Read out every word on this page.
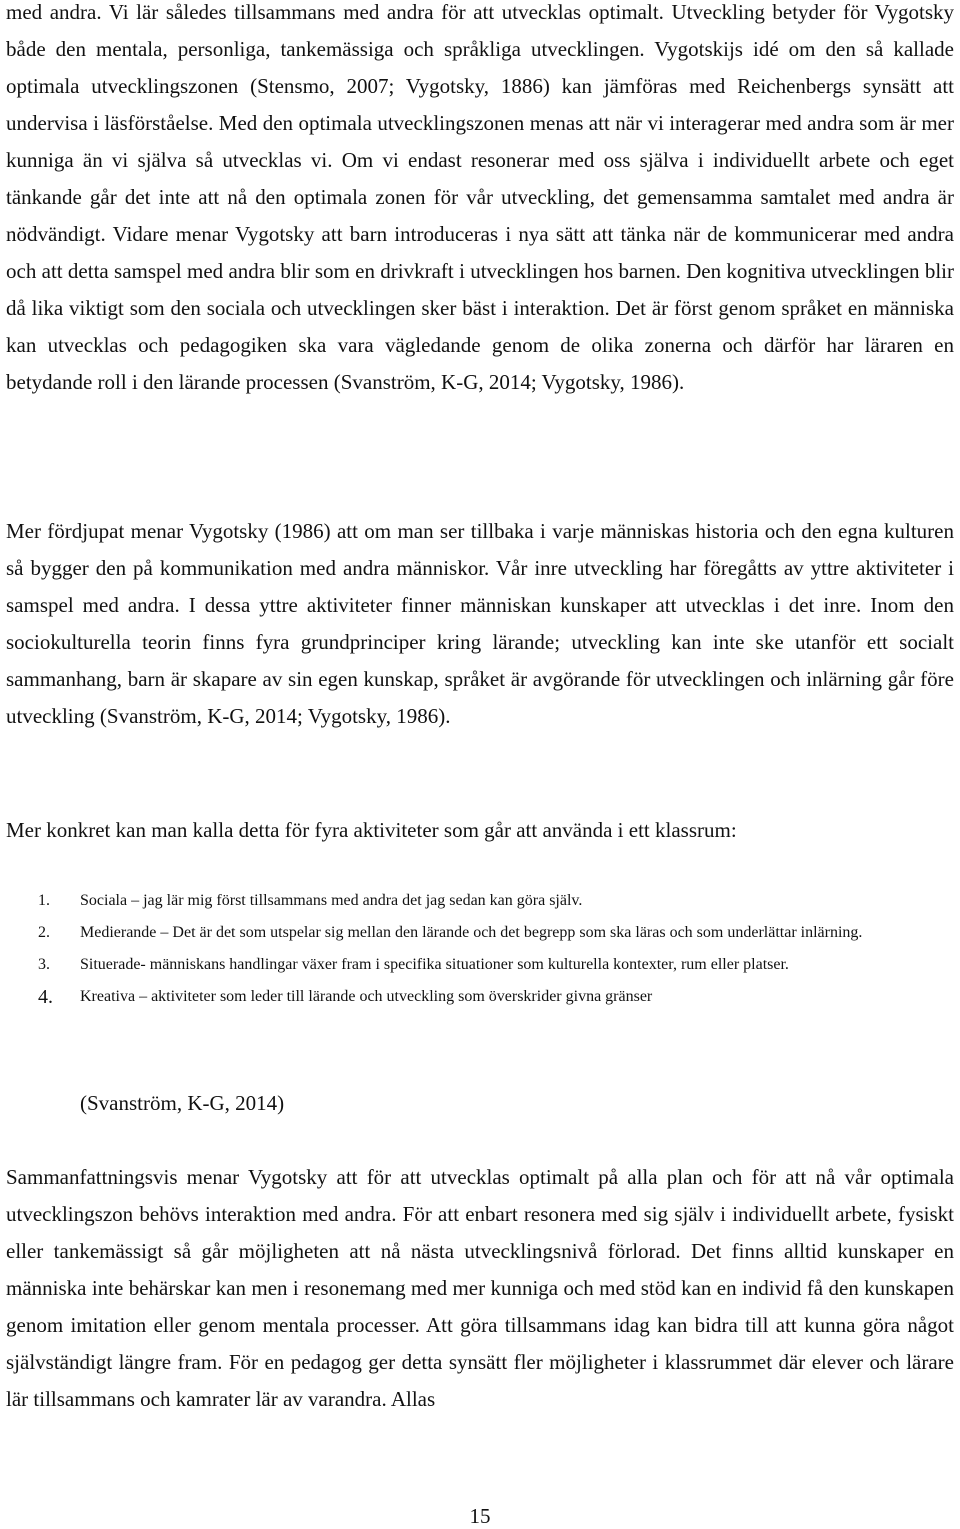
med andra. Vi lär således tillsammans med andra för att utvecklas optimalt. Utveckling betyder för Vygotsky både den mentala, personliga, tankemässiga och språkliga utvecklingen. Vygotskijs idé om den så kallade optimala utvecklingszonen (Stensmo, 2007; Vygotsky, 1886) kan jämföras med Reichenbergs synsätt att undervisa i läsförståelse. Med den optimala utvecklingszonen menas att när vi interagerar med andra som är mer kunniga än vi själva så utvecklas vi. Om vi endast resonerar med oss själva i individuellt arbete och eget tänkande går det inte att nå den optimala zonen för vår utveckling, det gemensamma samtalet med andra är nödvändigt. Vidare menar Vygotsky att barn introduceras i nya sätt att tänka när de kommunicerar med andra och att detta samspel med andra blir som en drivkraft i utvecklingen hos barnen. Den kognitiva utvecklingen blir då lika viktigt som den sociala och utvecklingen sker bäst i interaktion. Det är först genom språket en människa kan utvecklas och pedagogiken ska vara vägledande genom de olika zonerna och därför har läraren en betydande roll i den lärande processen (Svanström, K-G, 2014; Vygotsky, 1986).

Mer fördjupat menar Vygotsky (1986) att om man ser tillbaka i varje människas historia och den egna kulturen så bygger den på kommunikation med andra människor. Vår inre utveckling har föregåtts av yttre aktiviteter i samspel med andra. I dessa yttre aktiviteter finner människan kunskaper att utvecklas i det inre. Inom den sociokulturella teorin finns fyra grundprinciper kring lärande; utveckling kan inte ske utanför ett socialt sammanhang, barn är skapare av sin egen kunskap, språket är avgörande för utvecklingen och inlärning går före utveckling (Svanström, K-G, 2014; Vygotsky, 1986).

Mer konkret kan man kalla detta för fyra aktiviteter som går att använda i ett klassrum:

1. Sociala – jag lär mig först tillsammans med andra det jag sedan kan göra själv.
2. Medierande – Det är det som utspelar sig mellan den lärande och det begrepp som ska läras och som underlättar inlärning.
3. Situerade- människans handlingar växer fram i specifika situationer som kulturella kontexter, rum eller platser.
4. Kreativa – aktiviteter som leder till lärande och utveckling som överskrider givna gränser
(Svanström, K-G, 2014)

Sammanfattningsvis menar Vygotsky att för att utvecklas optimalt på alla plan och för att nå vår optimala utvecklingszon behövs interaktion med andra. För att enbart resonera med sig själv i individuellt arbete, fysiskt eller tankemässigt så går möjligheten att nå nästa utvecklingsnivå förlorad. Det finns alltid kunskaper en människa inte behärskar kan men i resonemang med mer kunniga och med stöd kan en individ få den kunskapen genom imitation eller genom mentala processer. Att göra tillsammans idag kan bidra till att kunna göra något självständigt längre fram. För en pedagog ger detta synsätt fler möjligheter i klassrummet där elever och lärare lär tillsammans och kamrater lär av varandra. Allas

15
